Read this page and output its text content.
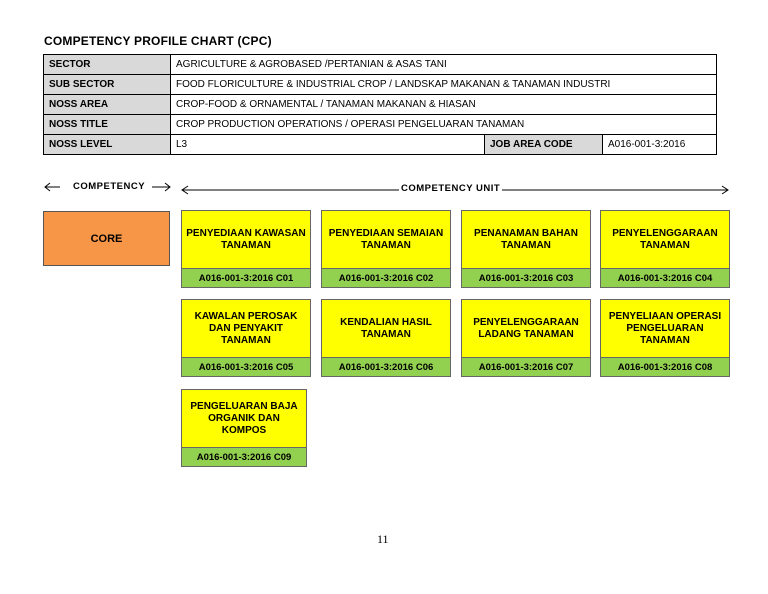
COMPETENCY PROFILE CHART (CPC)
SECTOR	AGRICULTURE & AGROBASED /PERTANIAN & ASAS TANI		
SUB SECTOR	FOOD FLORICULTURE & INDUSTRIAL CROP / LANDSKAP MAKANAN & TANAMAN INDUSTRI		
NOSS AREA	CROP-FOOD & ORNAMENTAL / TANAMAN MAKANAN & HIASAN		
NOSS TITLE	CROP PRODUCTION OPERATIONS / OPERASI PENGELUARAN TANAMAN		
NOSS LEVEL	L3	JOB AREA CODE	A016-001-3:2016
COMPETENCY	COMPETENCY UNIT
CORE	PENYEDIAAN KAWASAN TANAMAN
A016-001-3:2016 C01
PENYEDIAAN SEMAIAN TANAMAN
A016-001-3:2016 C02
PENANAMAN BAHAN TANAMAN
A016-001-3:2016 C03
PENYELENGGARAAN TANAMAN
A016-001-3:2016 C04
KAWALAN PEROSAK DAN PENYAKIT TANAMAN
A016-001-3:2016 C05
KENDALIAN HASIL TANAMAN
A016-001-3:2016 C06
PENYELENGGARAAN LADANG TANAMAN
A016-001-3:2016 C07
PENYELIAAN OPERASI PENGELUARAN TANAMAN
A016-001-3:2016 C08
PENGELUARAN BAJA ORGANIK DAN KOMPOS
A016-001-3:2016 C09
11
